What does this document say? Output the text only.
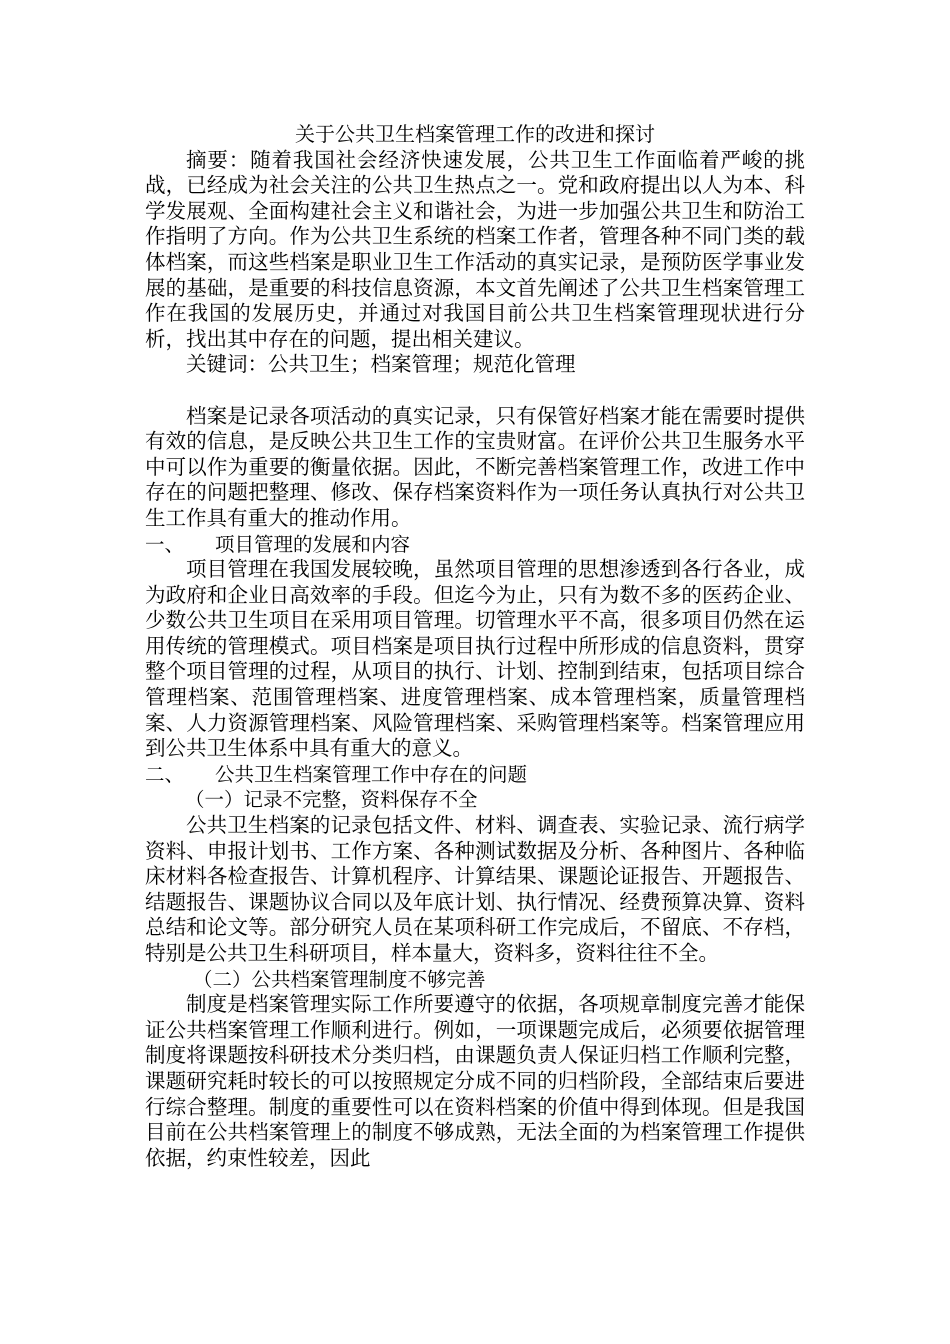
关于公共卫生档案管理工作的改进和探讨

摘要：随着我国社会经济快速发展，公共卫生工作面临着严峻的挑战，已经成为社会关注的公共卫生热点之一。党和政府提出以人为本、科学发展观、全面构建社会主义和谐社会，为进一步加强公共卫生和防治工作指明了方向。作为公共卫生系统的档案工作者，管理各种不同门类的载体档案，而这些档案是职业卫生工作活动的真实记录，是预防医学事业发展的基础，是重要的科技信息资源，本文首先阐述了公共卫生档案管理工作在我国的发展历史，并通过对我国目前公共卫生档案管理现状进行分析，找出其中存在的问题，提出相关建议。

关键词：公共卫生；档案管理；规范化管理

档案是记录各项活动的真实记录，只有保管好档案才能在需要时提供有效的信息，是反映公共卫生工作的宝贵财富。在评价公共卫生服务水平中可以作为重要的衡量依据。因此，不断完善档案管理工作，改进工作中存在的问题把整理、修改、保存档案资料作为一项任务认真执行对公共卫生工作具有重大的推动作用。

一、	项目管理的发展和内容

项目管理在我国发展较晚，虽然项目管理的思想渗透到各行各业，成为政府和企业日高效率的手段。但迄今为止，只有为数不多的医药企业、少数公共卫生项目在采用项目管理。切管理水平不高，很多项目仍然在运用传统的管理模式。项目档案是项目执行过程中所形成的信息资料，贯穿整个项目管理的过程，从项目的执行、计划、控制到结束，包括项目综合管理档案、范围管理档案、进度管理档案、成本管理档案，质量管理档案、人力资源管理档案、风险管理档案、采购管理档案等。档案管理应用到公共卫生体系中具有重大的意义。

二、	公共卫生档案管理工作中存在的问题

（一）记录不完整，资料保存不全

公共卫生档案的记录包括文件、材料、调查表、实验记录、流行病学资料、申报计划书、工作方案、各种测试数据及分析、各种图片、各种临床材料各检查报告、计算机程序、计算结果、课题论证报告、开题报告、结题报告、课题协议合同以及年底计划、执行情况、经费预算决算、资料总结和论文等。部分研究人员在某项科研工作完成后，不留底、不存档，特别是公共卫生科研项目，样本量大，资料多，资料往往不全。

（二）公共档案管理制度不够完善

制度是档案管理实际工作所要遵守的依据，各项规章制度完善才能保证公共档案管理工作顺利进行。例如，一项课题完成后，必须要依据管理制度将课题按科研技术分类归档，由课题负责人保证归档工作顺利完整，课题研究耗时较长的可以按照规定分成不同的归档阶段，全部结束后要进行综合整理。制度的重要性可以在资料档案的价值中得到体现。但是我国目前在公共档案管理上的制度不够成熟，无法全面的为档案管理工作提供依据，约束性较差，因此
